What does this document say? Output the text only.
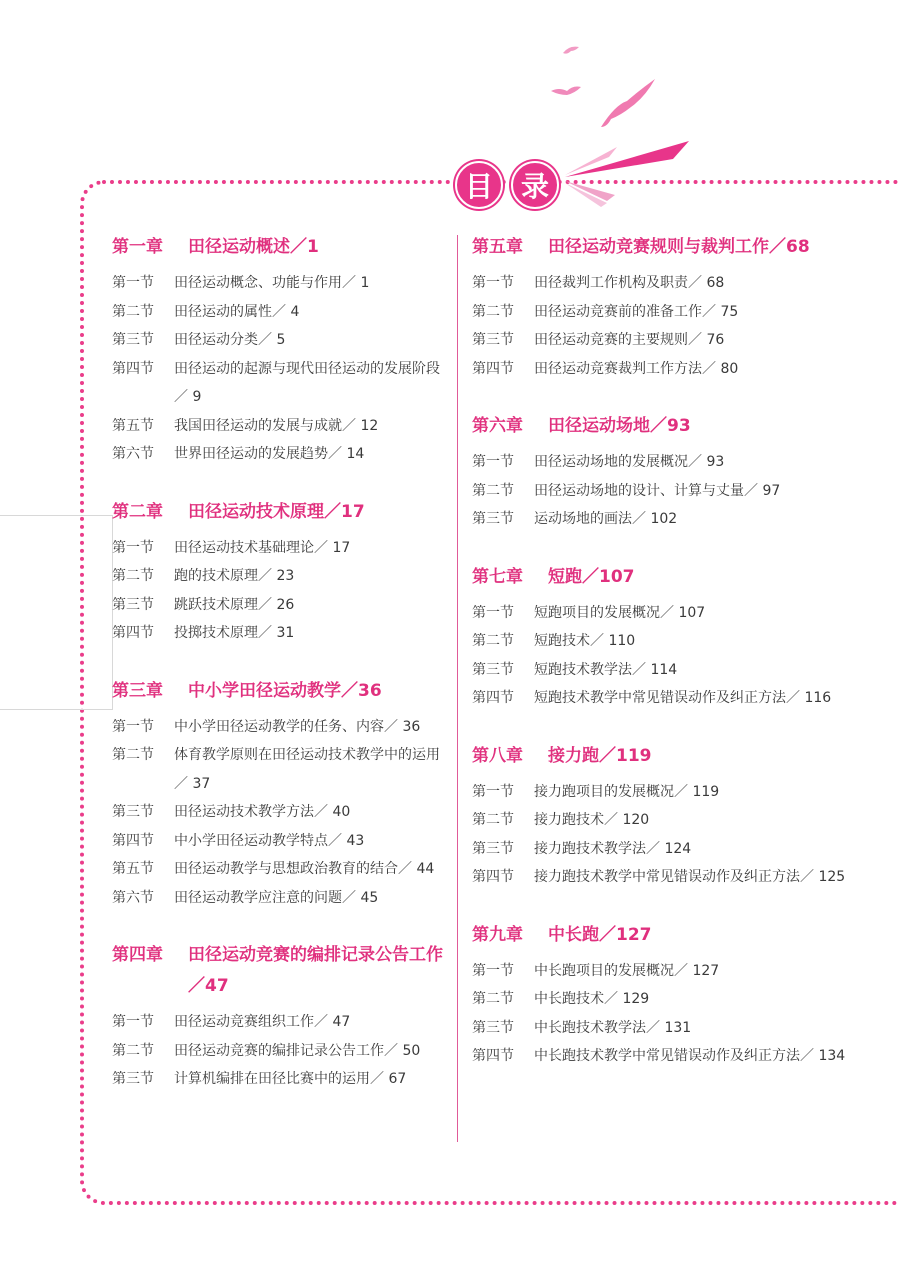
目 录
第一章	田径运动概述／1
第一节	田径运动概念、功能与作用／ 1
第二节	田径运动的属性／ 4
第三节	田径运动分类／ 5
第四节	田径运动的起源与现代田径运动的发展阶段／ 9
第五节	我国田径运动的发展与成就／ 12
第六节	世界田径运动的发展趋势／ 14
第二章	田径运动技术原理／17
第一节	田径运动技术基础理论／ 17
第二节	跑的技术原理／ 23
第三节	跳跃技术原理／ 26
第四节	投掷技术原理／ 31
第三章	中小学田径运动教学／36
第一节	中小学田径运动教学的任务、内容／ 36
第二节	体育教学原则在田径运动技术教学中的运用／ 37
第三节	田径运动技术教学方法／ 40
第四节	中小学田径运动教学特点／ 43
第五节	田径运动教学与思想政治教育的结合／ 44
第六节	田径运动教学应注意的问题／ 45
第四章	田径运动竞赛的编排记录公告工作／47
第一节	田径运动竞赛组织工作／ 47
第二节	田径运动竞赛的编排记录公告工作／ 50
第三节	计算机编排在田径比赛中的运用／ 67
第五章	田径运动竞赛规则与裁判工作／68
第一节	田径裁判工作机构及职责／ 68
第二节	田径运动竞赛前的准备工作／ 75
第三节	田径运动竞赛的主要规则／ 76
第四节	田径运动竞赛裁判工作方法／ 80
第六章	田径运动场地／93
第一节	田径运动场地的发展概况／ 93
第二节	田径运动场地的设计、计算与丈量／ 97
第三节	运动场地的画法／ 102
第七章	短跑／107
第一节	短跑项目的发展概况／ 107
第二节	短跑技术／ 110
第三节	短跑技术教学法／ 114
第四节	短跑技术教学中常见错误动作及纠正方法／ 116
第八章	接力跑／119
第一节	接力跑项目的发展概况／ 119
第二节	接力跑技术／ 120
第三节	接力跑技术教学法／ 124
第四节	接力跑技术教学中常见错误动作及纠正方法／ 125
第九章	中长跑／127
第一节	中长跑项目的发展概况／ 127
第二节	中长跑技术／ 129
第三节	中长跑技术教学法／ 131
第四节	中长跑技术教学中常见错误动作及纠正方法／ 134
